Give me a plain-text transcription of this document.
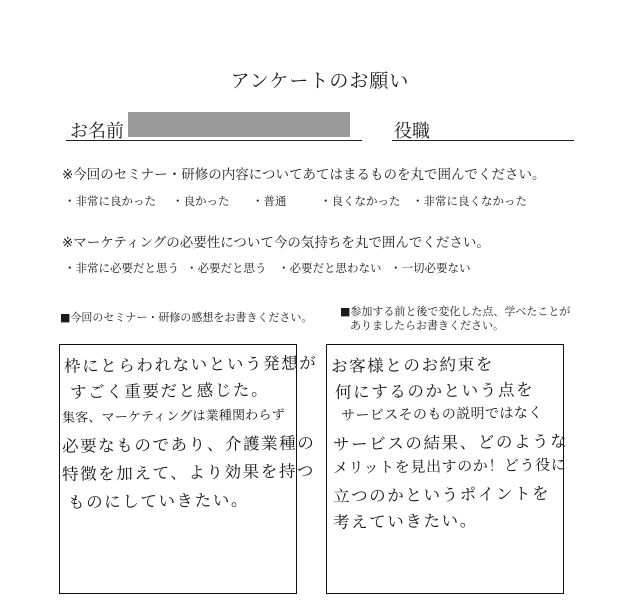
アンケートのお願い
お名前	役職
※今回のセミナー・研修の内容についてあてはまるものを丸で囲んでください。
・非常に良かった ・良かった ・普通	・良くなかった ・非常に良くなかった
※マーケティングの必要性について今の気持ちを丸で囲んでください。
・非常に必要だと思う ・必要だと思う ・必要だと思わない ・一切必要ない
■今回のセミナー・研修の感想をお書きください。	■参加する前と後で変化した点、学べたことが
ありましたらお書きください。
枠にとらわれないという発想が
すごく重要だと感じた。
集客、マーケティングは業種関わらず
必要なものであり、介護業種の
特徴を加えて、より効果を持つ
ものにしていきたい。
お客様とのお約束を
何にするのかという点を
サービスそのもの説明ではなく
サービスの結果、どのような
メリットを見出すのか！どう役に
立つのかというポイントを
考えていきたい。
